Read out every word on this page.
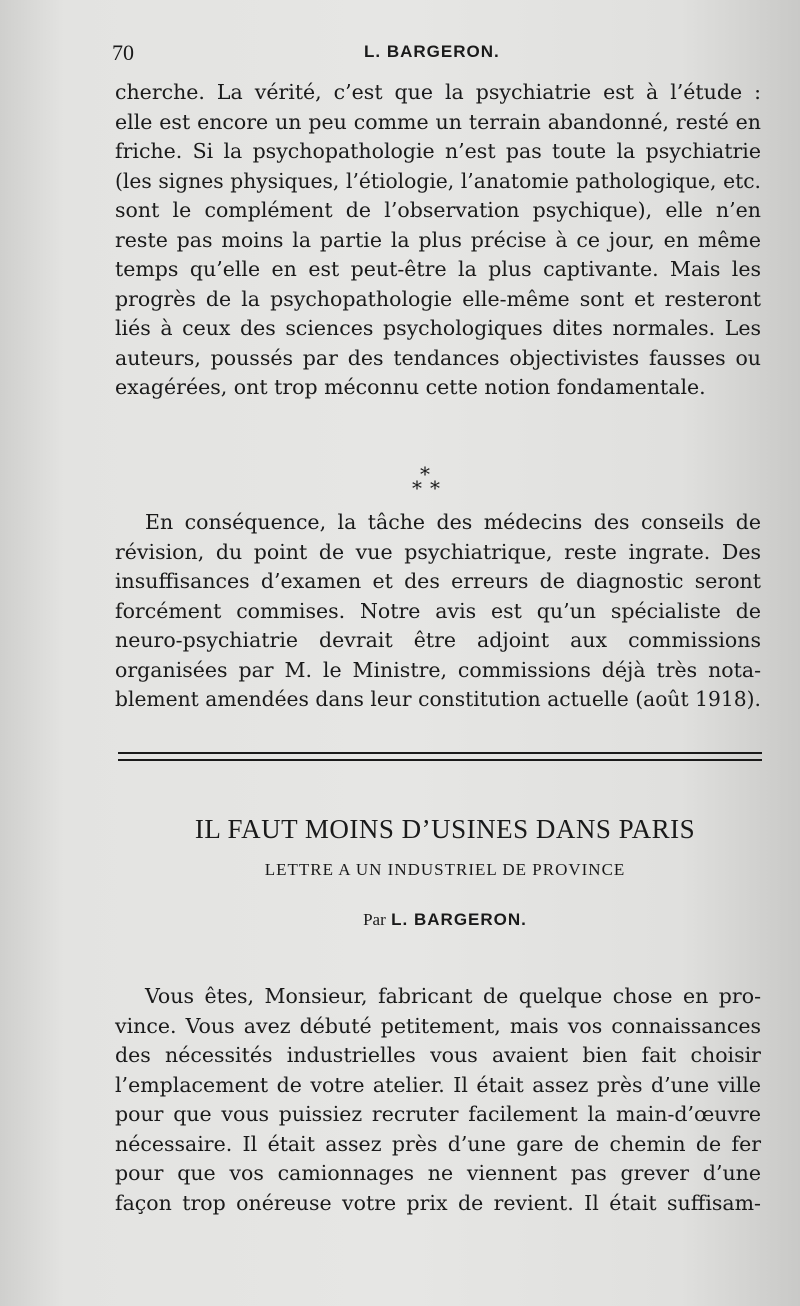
70	L. BARGERON.
cherche. La vérité, c’est que la psychiatrie est à l’étude :
elle est encore un peu comme un terrain abandonné, resté en
friche. Si la psychopathologie n’est pas toute la psychiatrie
(les signes physiques, l’étiologie, l’anatomie pathologique, etc.
sont le complément de l’observation psychique), elle n’en
reste pas moins la partie la plus précise à ce jour, en même
temps qu’elle en est peut-être la plus captivante. Mais les
progrès de la psychopathologie elle-même sont et resteront
liés à ceux des sciences psychologiques dites normales. Les
auteurs, poussés par des tendances objectivistes fausses ou
exagérées, ont trop méconnu cette notion fondamentale.
*
* *
En conséquence, la tâche des médecins des conseils de
révision, du point de vue psychiatrique, reste ingrate. Des
insuffisances d’examen et des erreurs de diagnostic seront
forcément commises. Notre avis est qu’un spécialiste de
neuro-psychiatrie devrait être adjoint aux commissions
organisées par M. le Ministre, commissions déjà très nota-
blement amendées dans leur constitution actuelle (août 1918).
IL FAUT MOINS D’USINES DANS PARIS
LETTRE A UN INDUSTRIEL DE PROVINCE
Par L. BARGERON.
Vous êtes, Monsieur, fabricant de quelque chose en pro-
vince. Vous avez débuté petitement, mais vos connaissances
des nécessités industrielles vous avaient bien fait choisir
l’emplacement de votre atelier. Il était assez près d’une ville
pour que vous puissiez recruter facilement la main-d’œuvre
nécessaire. Il était assez près d’une gare de chemin de fer
pour que vos camionnages ne viennent pas grever d’une
façon trop onéreuse votre prix de revient. Il était suffisam-
